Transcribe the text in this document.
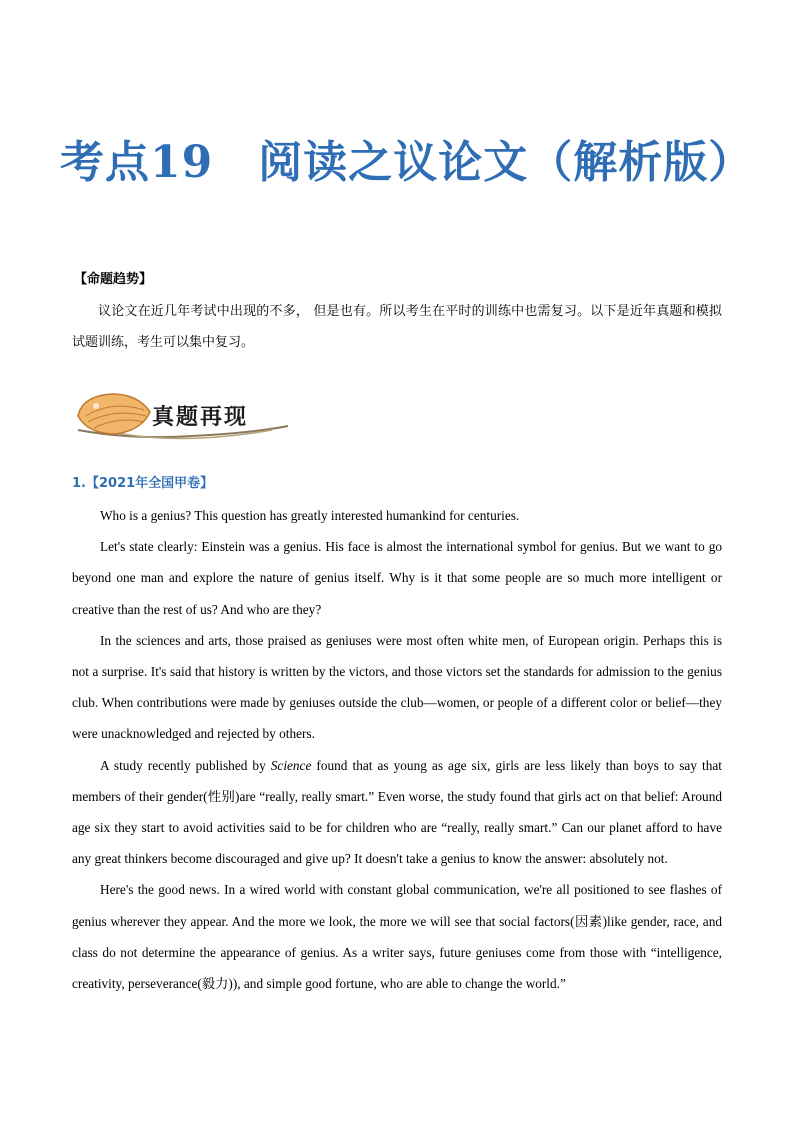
考点19　阅读之议论文（解析版）
【命题趋势】
议论文在近几年考试中出现的不多， 但是也有。所以考生在平时的训练中也需复习。以下是近年真题和模拟试题训练，考生可以集中复习。
真题再现
1.【2021年全国甲卷】

Who is a genius? This question has greatly interested humankind for centuries.

Let's state clearly: Einstein was a genius. His face is almost the international symbol for genius. But we want to go beyond one man and explore the nature of genius itself. Why is it that some people are so much more intelligent or creative than the rest of us? And who are they?

In the sciences and arts, those praised as geniuses were most often white men, of European origin. Perhaps this is not a surprise. It's said that history is written by the victors, and those victors set the standards for admission to the genius club. When contributions were made by geniuses outside the club—women, or people of a different color or belief—they were unacknowledged and rejected by others.

A study recently published by Science found that as young as age six, girls are less likely than boys to say that members of their gender(性别)are “really, really smart.” Even worse, the study found that girls act on that belief: Around age six they start to avoid activities said to be for children who are “really, really smart.” Can our planet afford to have any great thinkers become discouraged and give up? It doesn't take a genius to know the answer: absolutely not.

Here's the good news. In a wired world with constant global communication, we're all positioned to see flashes of genius wherever they appear. And the more we look, the more we will see that social factors(因素)like gender, race, and class do not determine the appearance of genius. As a writer says, future geniuses come from those with “intelligence, creativity, perseverance(毅力)), and simple good fortune, who are able to change the world.”
